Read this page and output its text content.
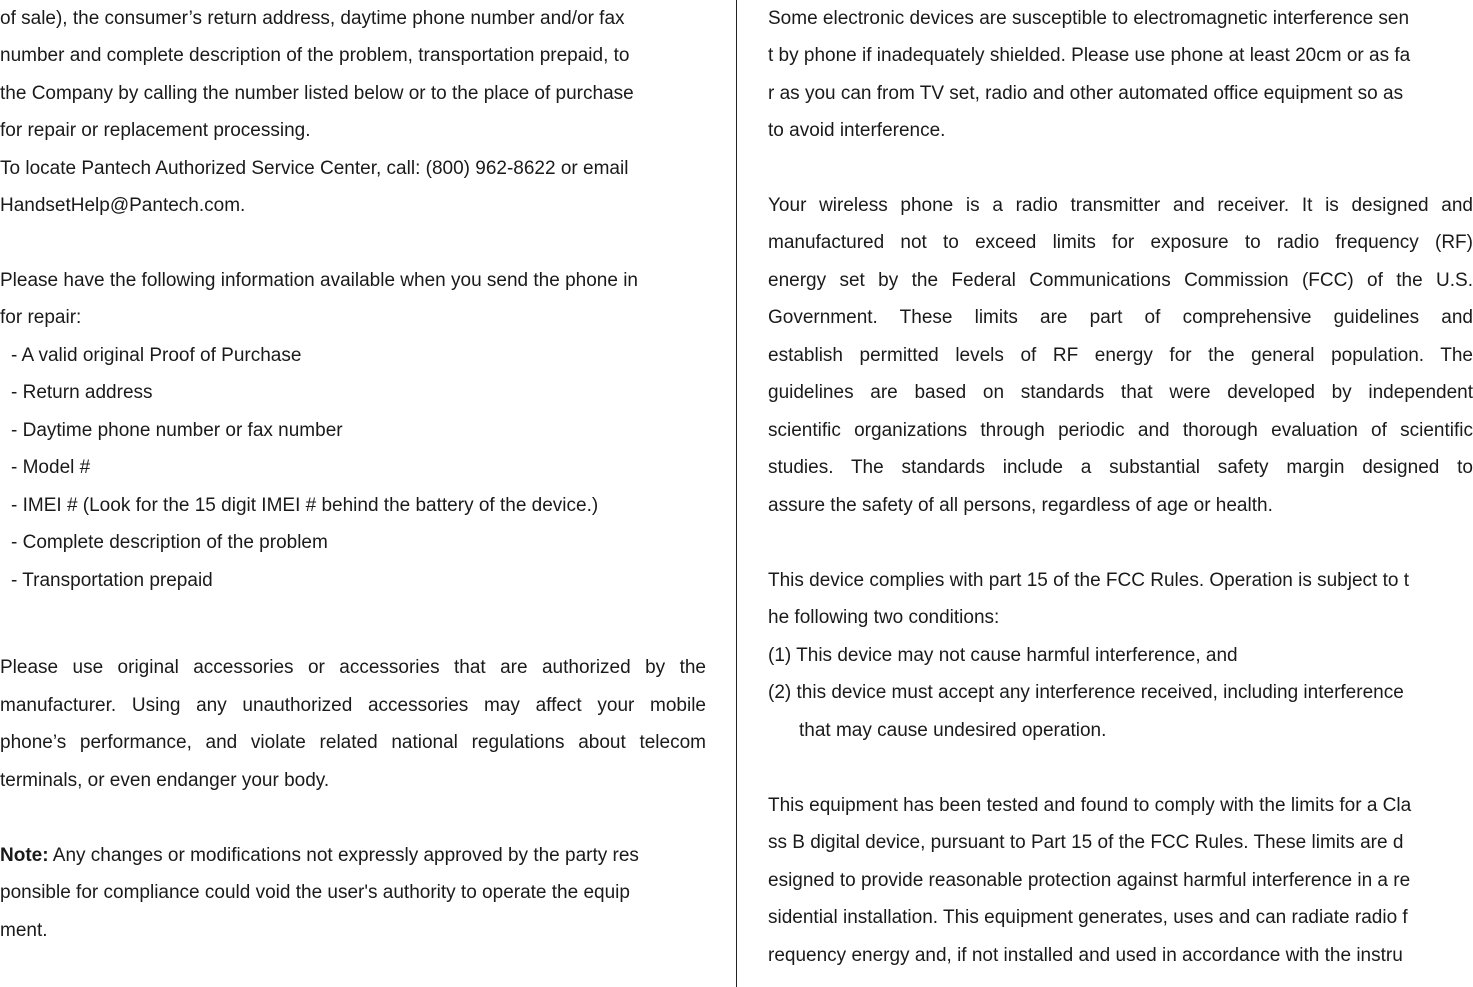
of sale), the consumer’s return address, daytime phone number and/or fax
number and complete description of the problem, transportation prepaid, to
the Company by calling the number listed below or to the place of purchase
for repair or replacement processing.
To locate Pantech Authorized Service Center, call: (800) 962-8622 or email
HandsetHelp@Pantech.com.
Please have the following information available when you send the phone in
for repair:
- A valid original Proof of Purchase
- Return address
- Daytime phone number or fax number
- Model #
- IMEI # (Look for the 15 digit IMEI # behind the battery of the device.)
- Complete description of the problem
- Transportation prepaid
Please use original accessories or accessories that are authorized by the
manufacturer. Using any unauthorized accessories may affect your mobile
phone’s performance, and violate related national regulations about telecom
terminals, or even endanger your body.
Note: Any changes or modifications not expressly approved by the party res
ponsible for compliance could void the user's authority to operate the equip
ment.
Some electronic devices are susceptible to electromagnetic interference sen
t by phone if inadequately shielded. Please use phone at least 20cm or as fa
r as you can from TV set, radio and other automated office equipment so as
to avoid interference.
Your wireless phone is a radio transmitter and receiver. It is designed and
manufactured not to exceed limits for exposure to radio frequency (RF)
energy set by the Federal Communications Commission (FCC) of the U.S.
Government. These limits are part of comprehensive guidelines and
establish permitted levels of RF energy for the general population. The
guidelines are based on standards that were developed by independent
scientific organizations through periodic and thorough evaluation of scientific
studies. The standards include a substantial safety margin designed to
assure the safety of all persons, regardless of age or health.
This device complies with part 15 of the FCC Rules. Operation is subject to t
he following two conditions:
(1) This device may not cause harmful interference, and
(2) this device must accept any interference received, including interference
that may cause undesired operation.
This equipment has been tested and found to comply with the limits for a Cla
ss B digital device, pursuant to Part 15 of the FCC Rules. These limits are d
esigned to provide reasonable protection against harmful interference in a re
sidential installation. This equipment generates, uses and can radiate radio f
requency energy and, if not installed and used in accordance with the instru
